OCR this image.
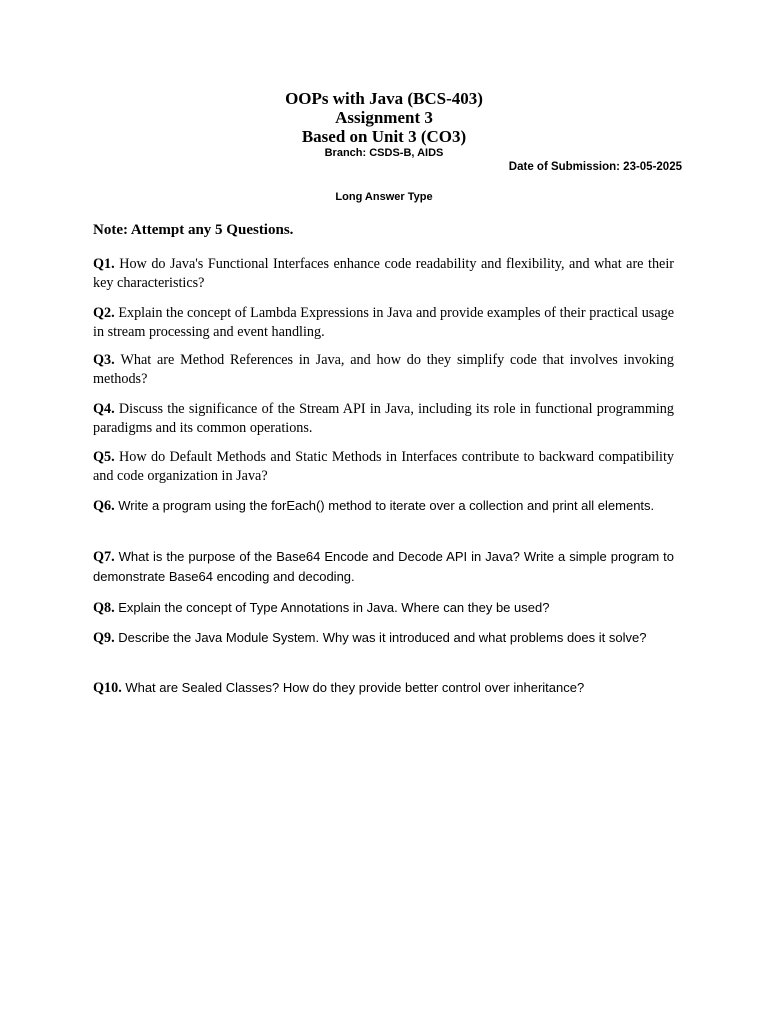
OOPs with Java (BCS-403)
Assignment 3
Based on Unit 3 (CO3)
Branch: CSDS-B, AIDS
Date of Submission: 23-05-2025
Long Answer Type
Note: Attempt any 5 Questions.
Q1. How do Java's Functional Interfaces enhance code readability and flexibility, and what are their key characteristics?
Q2. Explain the concept of Lambda Expressions in Java and provide examples of their practical usage in stream processing and event handling.
Q3. What are Method References in Java, and how do they simplify code that involves invoking methods?
Q4. Discuss the significance of the Stream API in Java, including its role in functional programming paradigms and its common operations.
Q5. How do Default Methods and Static Methods in Interfaces contribute to backward compatibility and code organization in Java?
Q6. Write a program using the forEach() method to iterate over a collection and print all elements.
Q7. What is the purpose of the Base64 Encode and Decode API in Java? Write a simple program to demonstrate Base64 encoding and decoding.
Q8. Explain the concept of Type Annotations in Java. Where can they be used?
Q9. Describe the Java Module System. Why was it introduced and what problems does it solve?
Q10. What are Sealed Classes? How do they provide better control over inheritance?
